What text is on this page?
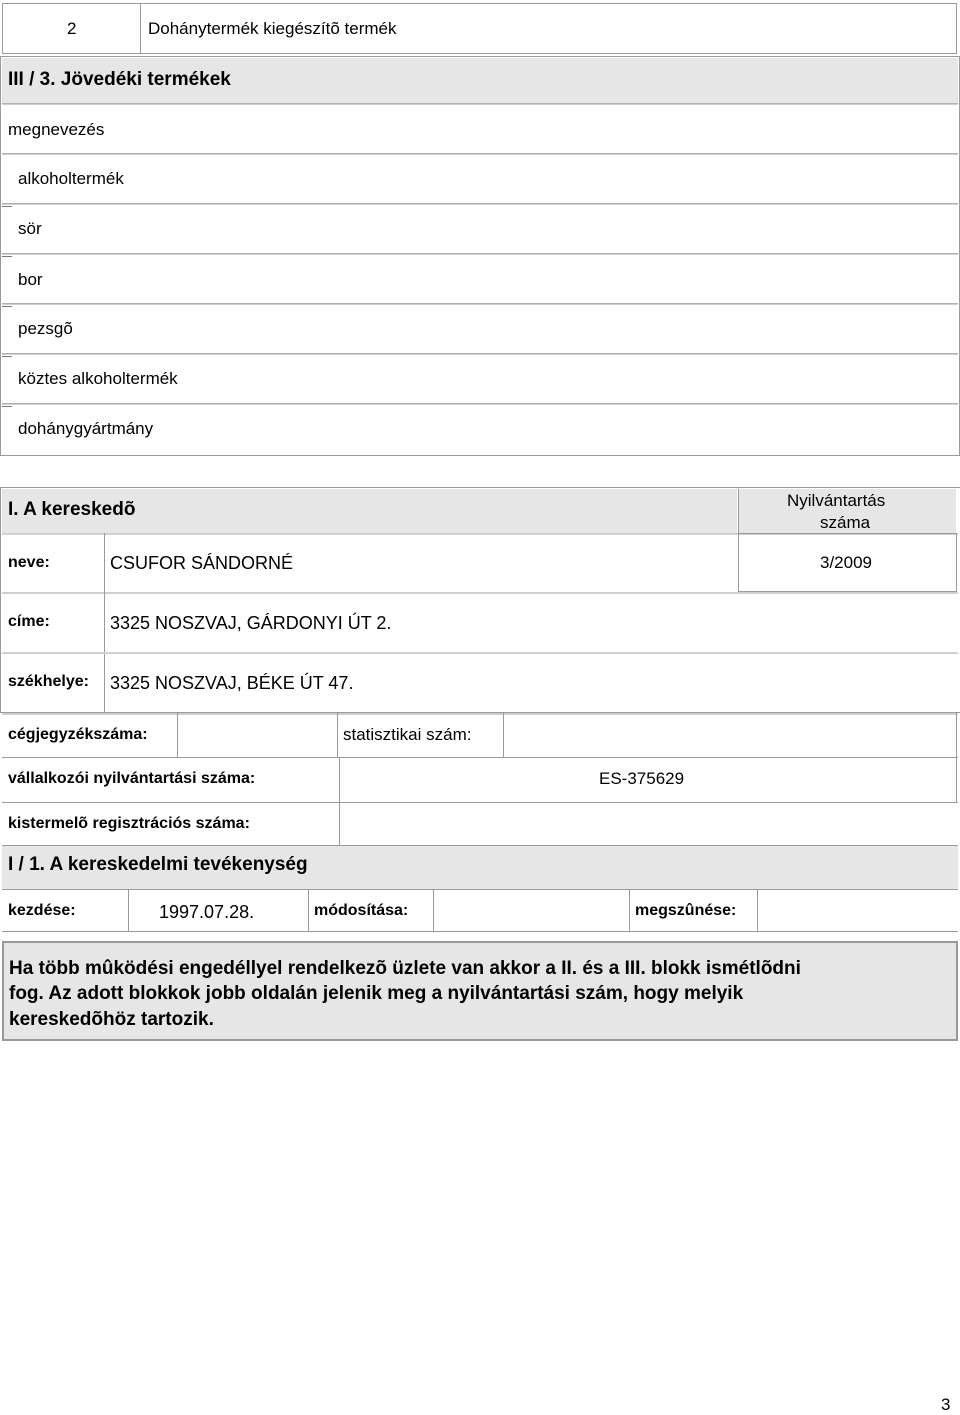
2	Dohánytermék kiegészítõ termék
III / 3. Jövedéki termékek
megnevezés
alkoholtermék
sör
bor
pezsgõ
köztes alkoholtermék
dohánygyártmány
I. A kereskedõ	Nyilvántartás
száma
neve:	CSUFOR SÁNDORNÉ	3/2009
címe:	3325 NOSZVAJ, GÁRDONYI ÚT 2.
székhelye: 3325 NOSZVAJ, BÉKE ÚT 47.
cégjegyzékszáma:	statisztikai szám:
vállalkozói nyilvántartási száma:	ES-375629
kistermelõ regisztrációs száma:
I / 1. A kereskedelmi tevékenység
kezdése:	1997.07.28.	módosítása:	megszûnése:
Ha több mûködési engedéllyel rendelkezõ üzlete van akkor a II. és a III. blokk ismétlõdni
fog. Az adott blokkok jobb oldalán jelenik meg a nyilvántartási szám, hogy melyik
kereskedõhöz tartozik.
3
